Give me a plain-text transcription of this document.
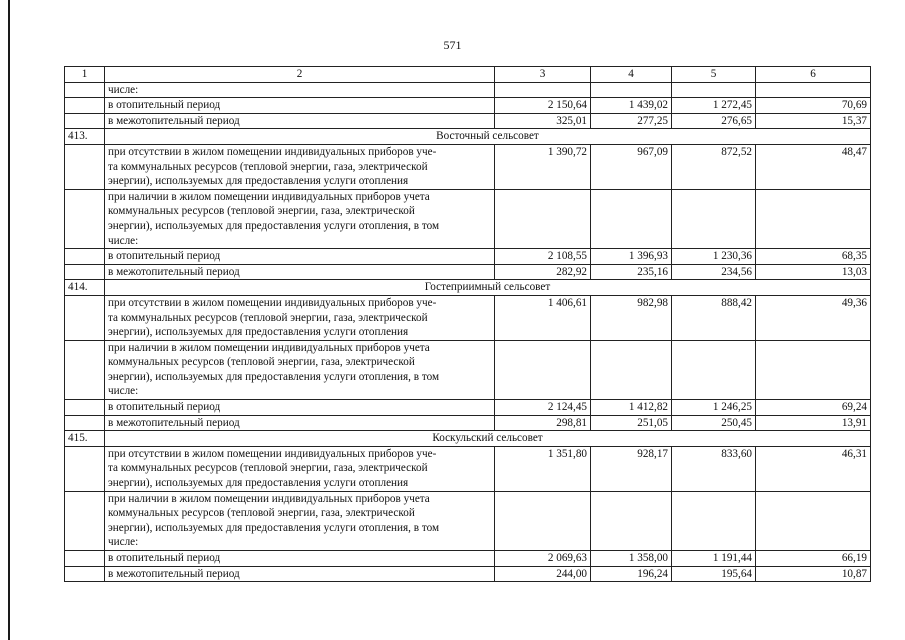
571
1	2	3	4	5	6
	числе:				
	в отопительный период	2 150,64	1 439,02	1 272,45	70,69
	в межотопительный период	325,01	277,25	276,65	15,37
413.	Восточный сельсовет				

	при отсутствии в жилом помещении индивидуальных приборов уче-
та коммунальных ресурсов (тепловой энергии, газа, электрической
энергии), используемых для предоставления услуги отопления	1 390,72	967,09	872,52	48,47

	при наличии в жилом помещении индивидуальных приборов учета
коммунальных ресурсов (тепловой энергии, газа, электрической
энергии), используемых для предоставления услуги отопления, в том
числе:				

	в отопительный период	2 108,55	1 396,93	1 230,36	68,35
	в межотопительный период	282,92	235,16	234,56	13,03
414.	Гостеприимный сельсовет				

	при отсутствии в жилом помещении индивидуальных приборов уче-
та коммунальных ресурсов (тепловой энергии, газа, электрической
энергии), используемых для предоставления услуги отопления	1 406,61	982,98	888,42	49,36

	при наличии в жилом помещении индивидуальных приборов учета
коммунальных ресурсов (тепловой энергии, газа, электрической
энергии), используемых для предоставления услуги отопления, в том
числе:				

	в отопительный период	2 124,45	1 412,82	1 246,25	69,24
	в межотопительный период	298,81	251,05	250,45	13,91
415.	Коскульский сельсовет				

	при отсутствии в жилом помещении индивидуальных приборов уче-
та коммунальных ресурсов (тепловой энергии, газа, электрической
энергии), используемых для предоставления услуги отопления	1 351,80	928,17	833,60	46,31

	при наличии в жилом помещении индивидуальных приборов учета
коммунальных ресурсов (тепловой энергии, газа, электрической
энергии), используемых для предоставления услуги отопления, в том
числе:				

	в отопительный период	2 069,63	1 358,00	1 191,44	66,19
	в межотопительный период	244,00	196,24	195,64	10,87
